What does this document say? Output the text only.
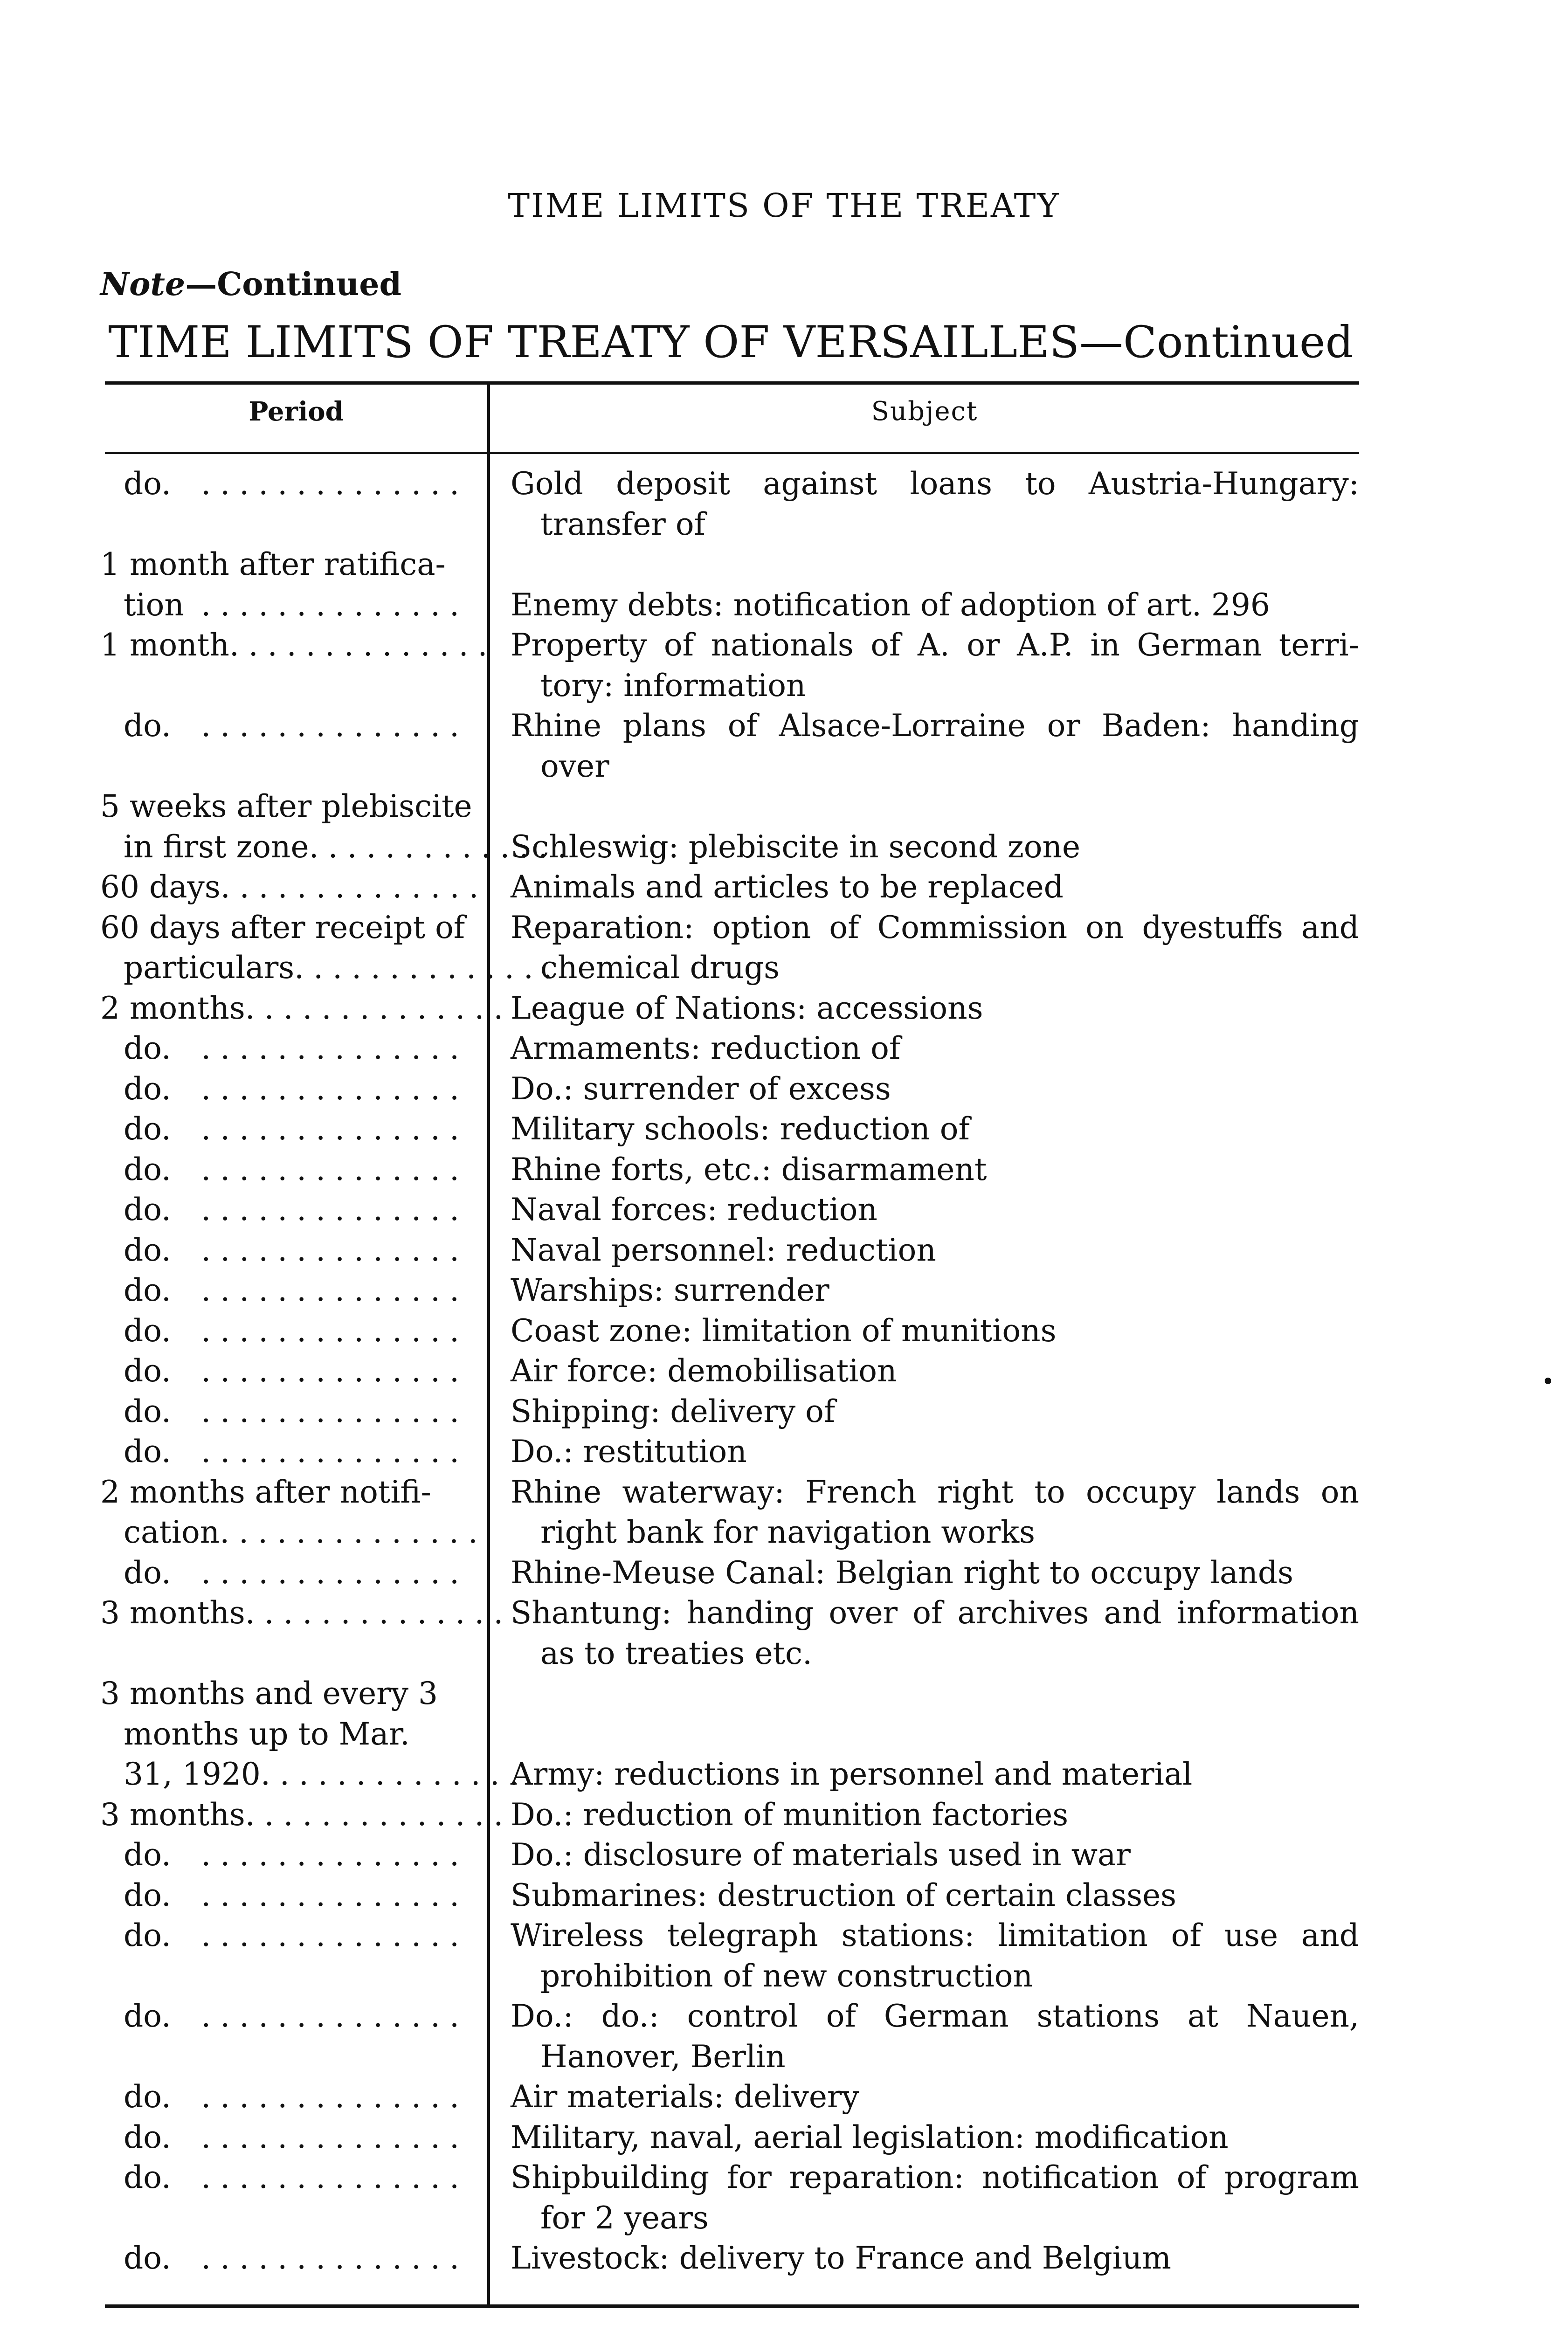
TIME LIMITS OF THE TREATY
Note—Continued
TIME LIMITS OF TREATY OF VERSAILLES—Continued
Period	Subject
do. .............. Gold deposit against loans to Austria-Hungary:
transfer of
1 month after ratifica-
tion .............. Enemy debts: notification of adoption of art. 296
1 month .............. Property of nationals of A. or A.P. in German terri-
tory: information
do. .............. Rhine plans of Alsace-Lorraine or Baden: handing
over
5 weeks after plebiscite
in first zone ..............
Schleswig: plebiscite in second zone
60 days .............. Animals and articles to be replaced
60 days after receipt of
particulars ..............
Reparation: option of Commission on dyestuffs and
chemical drugs
2 months ..............
League of Nations: accessions
do. .............. Armaments: reduction of
do. .............. Do.: surrender of excess
do. .............. Military schools: reduction of
do. .............. Rhine forts, etc.: disarmament
do. .............. Naval forces: reduction
do. .............. Naval personnel: reduction
do. .............. Warships: surrender
do. .............. Coast zone: limitation of munitions
do. .............. Air force: demobilisation
do. .............. Shipping: delivery of
do. .............. Do.: restitution
2 months after notifi-
cation ..............
Rhine waterway: French right to occupy lands on
right bank for navigation works
do. .............. Rhine-Meuse Canal: Belgian right to occupy lands
3 months ..............
Shantung: handing over of archives and information
as to treaties etc.
3 months and every 3
months up to Mar.
31, 1920 ..............
Army: reductions in personnel and material
3 months ..............
Do.: reduction of munition factories
do. .............. Do.: disclosure of materials used in war
do. .............. Submarines: destruction of certain classes
do. .............. Wireless telegraph stations: limitation of use and
prohibition of new construction
do. .............. Do.: do.: control of German stations at Nauen,
Hanover, Berlin
do. .............. Air materials: delivery
do. .............. Military, naval, aerial legislation: modification
do. .............. Shipbuilding for reparation: notification of program
for 2 years
do. .............. Livestock: delivery to France and Belgium
